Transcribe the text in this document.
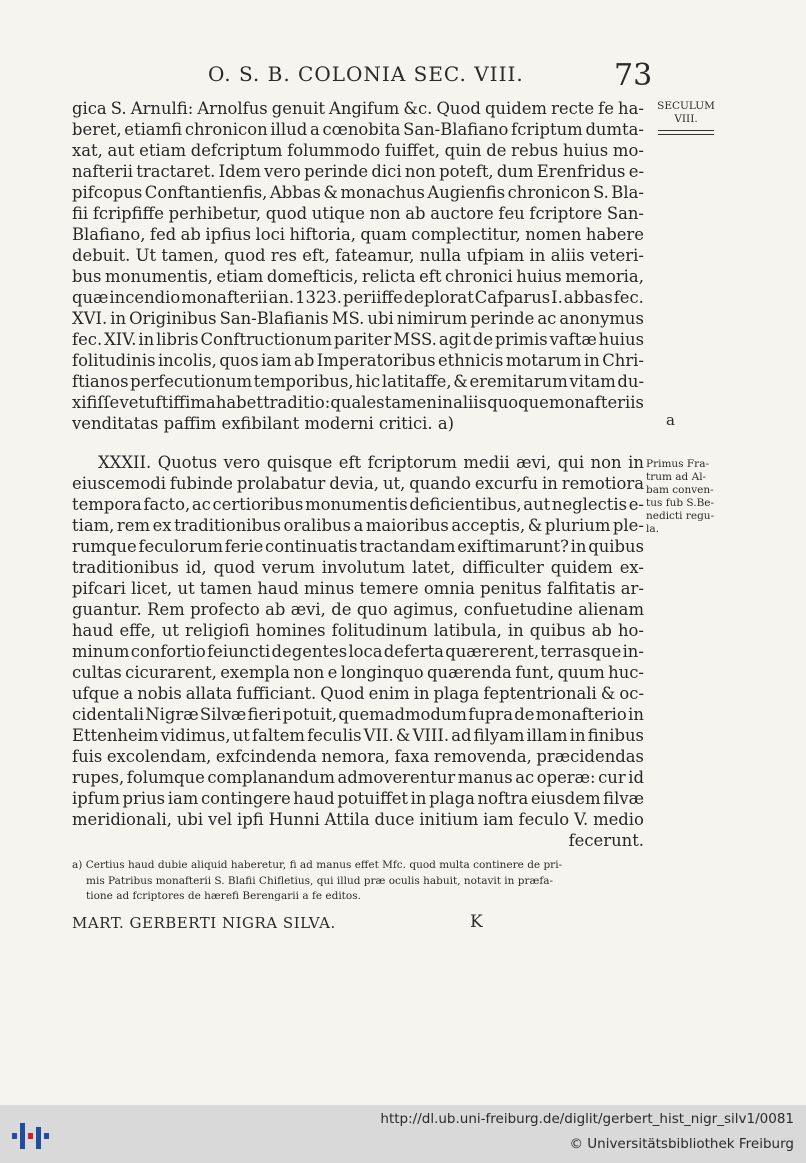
O. S. B. COLONIA SEC. VIII.	73
gica S. Arnulfi: Arnolfus genuit Angifum &c. Quod quidem recte fe ha-
beret, etiamfi chronicon illud a cœnobita San-Blafiano fcriptum dumta-
xat, aut etiam defcriptum folummodo fuiffet, quin de rebus huius mo-
nafterii tractaret. Idem vero perinde dici non poteft, dum Erenfridus e-
pifcopus Conftantienfis, Abbas & monachus Augienfis chronicon S. Bla-
fii fcripfiffe perhibetur, quod utique non ab auctore feu fcriptore San-
Blafiano, fed ab ipfius loci hiftoria, quam complectitur, nomen habere
debuit. Ut tamen, quod res eft, fateamur, nulla ufpiam in aliis veteri-
bus monumentis, etiam domefticis, relicta eft chronici huius memoria,
quæ incendio monafterii an. 1323. periiffe deplorat Cafparus I. abbas fec.
XVI. in Originibus San-Blafianis MS. ubi nimirum perinde ac anonymus
fec. XIV. in libris Conftructionum pariter MSS. agit de primis vaftæ huius
folitudinis incolis, quos iam ab Imperatoribus ethnicis motarum in Chri-
ftianos perfecutionum temporibus, hic latitaffe, & eremitarum vitam du-
xifiſſe vetuftiffima habet traditio: quales tamen in aliis quoque monafteriis
venditatas paffim exfibilant moderni critici. a)
SECULUM
VIII.
a
XXXII. Quotus vero quisque eft fcriptorum medii ævi, qui non in
eiuscemodi fubinde prolabatur devia, ut, quando excurfu in remotiora
tempora facto, ac certioribus monumentis deficientibus, aut neglectis e-
tiam, rem ex traditionibus oralibus a maioribus acceptis, & plurium ple-
rumque feculorum ferie continuatis tractandam exiftimarunt? in quibus
traditionibus id, quod verum involutum latet, difficulter quidem ex-
pifcari licet, ut tamen haud minus temere omnia penitus falfitatis ar-
guantur. Rem profecto ab ævi, de quo agimus, confuetudine alienam
haud effe, ut religiofi homines folitudinum latibula, in quibus ab ho-
minum confortio feiuncti degentes loca deferta quærerent, terrasque in-
cultas cicurarent, exempla non e longinquo quærenda funt, quum huc-
ufque a nobis allata fufficiant. Quod enim in plaga feptentrionali & oc-
cidentali Nigræ Silvæ fieri potuit, quemadmodum fupra de monafterio in
Ettenheim vidimus, ut faltem feculis VII. & VIII. ad filyam illam in finibus
fuis excolendam, exfcindenda nemora, faxa removenda, præcidendas
rupes, folumque complanandum admoverentur manus ac operæ: cur id
ipfum prius iam contingere haud potuiffet in plaga noftra eiusdem filvæ
meridionali, ubi vel ipfi Hunni Attila duce initium iam feculo V. medio
fecerunt.
Primus Fra-
trum ad Al-
bam conven-
tus fub S.Be-
nedicti regu-
la.
a) Certius haud dubie aliquid haberetur, fi ad manus effet Mfc. quod multa continere de pri-
mis Patribus monafterii S. Blafii Chifletius, qui illud præ oculis habuit, notavit in præfa-
tione ad fcriptores de hærefi Berengarii a fe editos.
MART. GERBERTI NIGRA SILVA.	K
http://dl.ub.uni-freiburg.de/diglit/gerbert_hist_nigr_silv1/0081
© Universitätsbibliothek Freiburg
